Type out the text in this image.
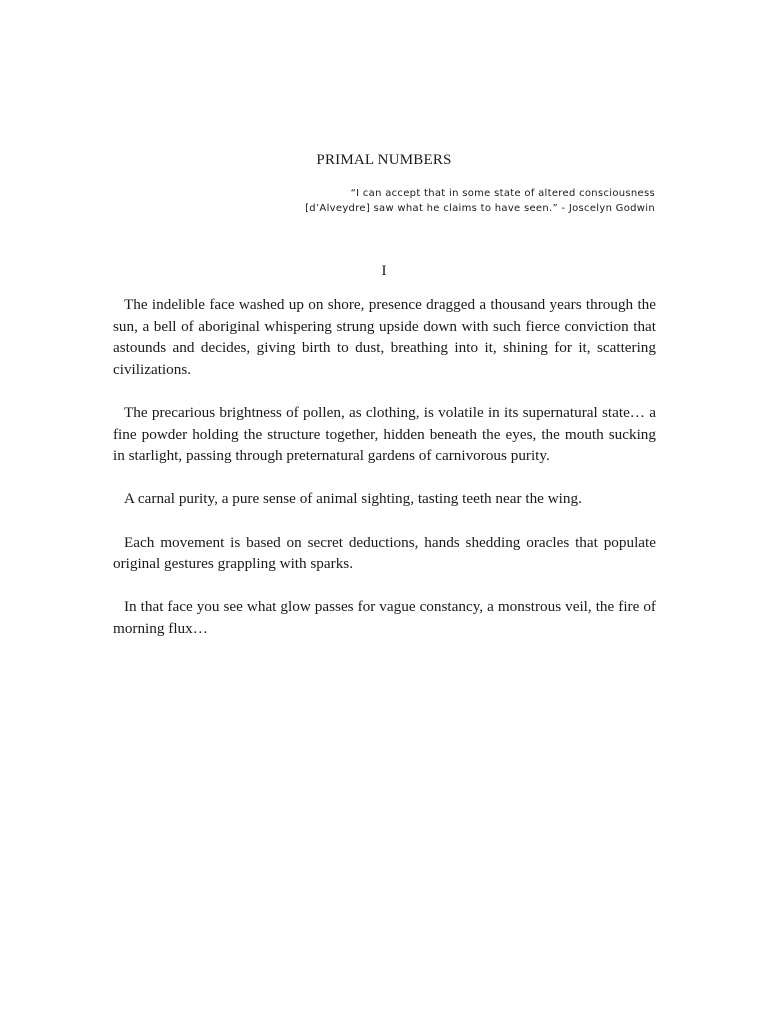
PRIMAL NUMBERS

“I can accept that in some state of altered consciousness
[d’Alveydre] saw what he claims to have seen.” - Joscelyn Godwin

I

The indelible face washed up on shore, presence dragged a thousand years through the sun, a bell of aboriginal whispering strung upside down with such fierce conviction that astounds and decides, giving birth to dust, breathing into it, shining for it, scattering civilizations.

The precarious brightness of pollen, as clothing, is volatile in its supernatural state… a fine powder holding the structure together, hidden beneath the eyes, the mouth sucking in starlight, passing through preternatural gardens of carnivorous purity.

A carnal purity, a pure sense of animal sighting, tasting teeth near the wing.

Each movement is based on secret deductions, hands shedding oracles that populate original gestures grappling with sparks.

In that face you see what glow passes for vague constancy, a monstrous veil, the fire of morning flux…
